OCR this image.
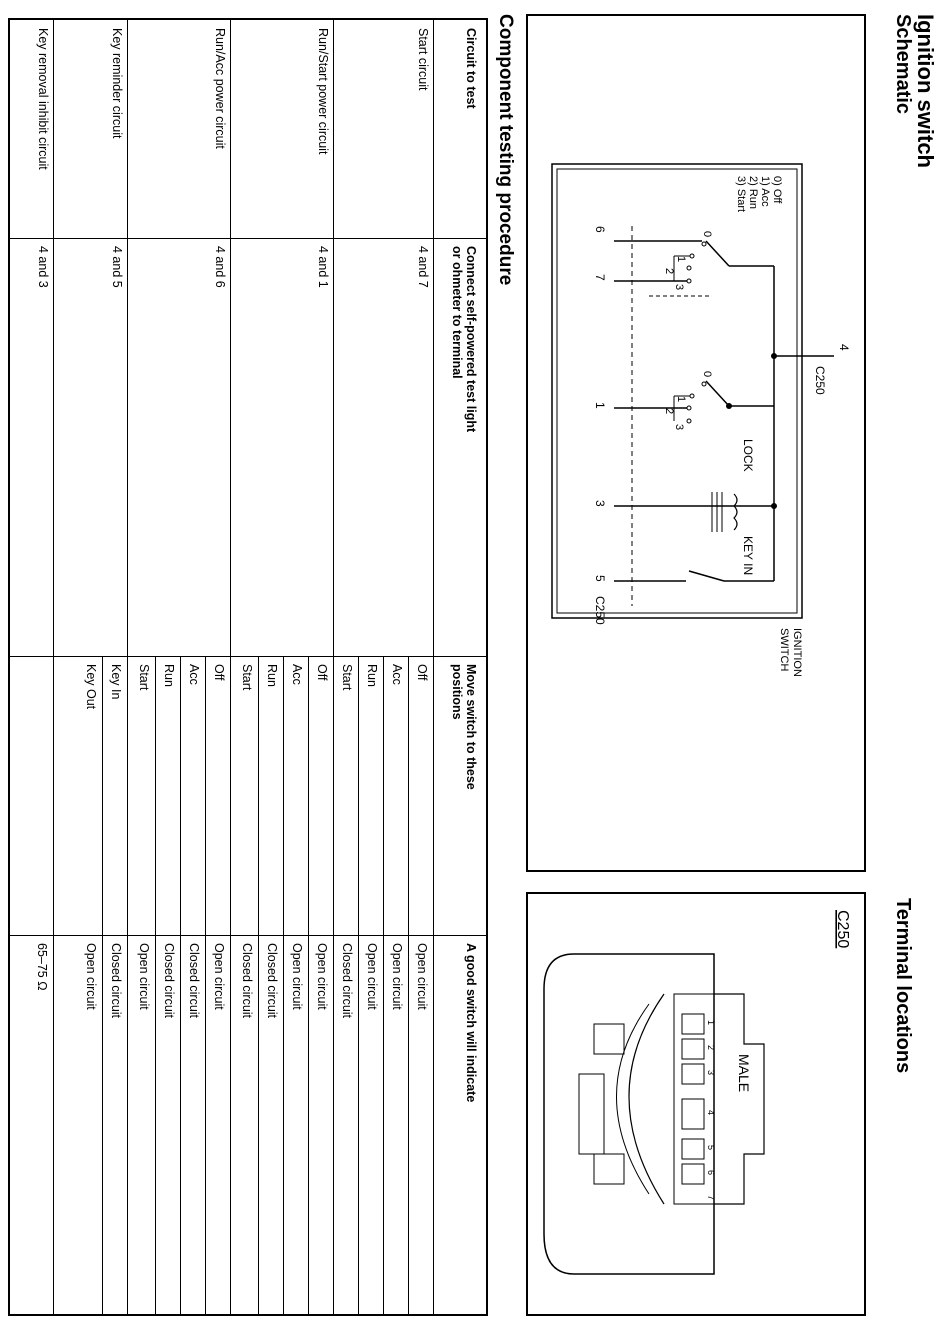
Ignition switch
Schematic
Terminal locations
4
C250
0) Off
1) Acc
2) Run
3) Start
LOCK
KEY IN
IGNITION
SWITCH
6
7
1
3
5
C250
0
1
2
3
0
1
2
3
C250
MALE
1
2
3
4
5
6
7
Component testing procedure
Circuit to test
Connect self-powered test light
or ohmeter to terminal
Move switch to these
positions
A good switch will indicate
Start circuit
4 and 7
Off
Open circuit
Acc
Open circuit
Run
Open circuit
Start
Closed circuit
Run/Start power circuit
4 and 1
Off
Open circuit
Acc
Open circuit
Run
Closed circuit
Start
Closed circuit
Run/Acc power circuit
4 and 6
Off
Open circuit
Acc
Closed circuit
Run
Closed circuit
Start
Open circuit
Key reminder circuit
4 and 5
Key In
Closed circuit
Key Out
Open circuit
Key removal inhibit circuit
4 and 3
65–75 Ω
